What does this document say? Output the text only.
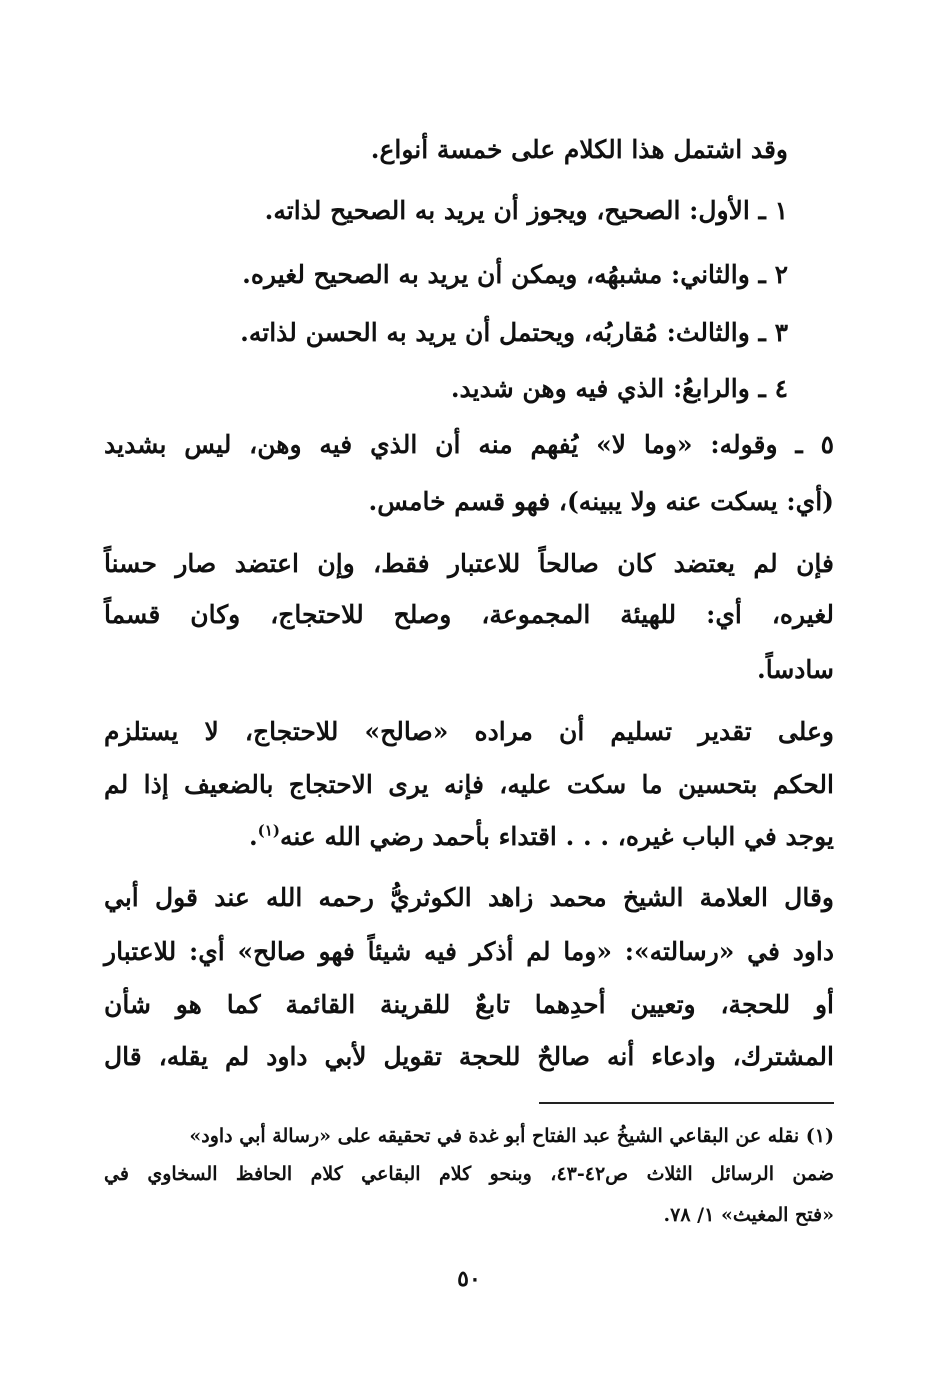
وقد اشتمل هذا الكلام على خمسة أنواع.
١ ـ الأول: الصحيح، ويجوز أن يريد به الصحيح لذاته.
٢ ـ والثاني: مشبهُه، ويمكن أن يريد به الصحيح لغيره.
٣ ـ والثالث: مُقاربُه، ويحتمل أن يريد به الحسن لذاته.
٤ ـ والرابعُ: الذي فيه وهن شديد.
٥ ـ وقوله: «وما لا» يُفهم منه أن الذي فيه وهن، ليس بشديد
(أي: يسكت عنه ولا يبينه)، فهو قسم خامس.
فإن لم يعتضد كان صالحاً للاعتبار فقط، وإن اعتضد صار حسناً
لغيره، أي: للهيئة المجموعة، وصلح للاحتجاج، وكان قسماً
سادساً.
وعلى تقدير تسليم أن مراده «صالح» للاحتجاج، لا يستلزم
الحكم بتحسين ما سكت عليه، فإنه يرى الاحتجاج بالضعيف إذا لم
يوجد في الباب غيره، . . . اقتداء بأحمد رضي الله عنه$^{(١)}$.
وقال العلامة الشيخ محمد زاهد الكوثريُّ رحمه الله عند قول أبي
داود في «رسالته»: «وما لم أذكر فيه شيئاً فهو صالح» أي: للاعتبار
أو للحجة، وتعيين أحدِهما تابعٌ للقرينة القائمة كما هو شأن
المشترك، وادعاء أنه صالحٌ للحجة تقويل لأبي داود لم يقله، قال
(١) نقله عن البقاعي الشيخُ عبد الفتاح أبو غدة في تحقيقه على «رسالة أبي داود»
ضمن الرسائل الثلاث ص٤٢-٤٣، وبنحو كلام البقاعي كلام الحافظ السخاوي في
«فتح المغيث» ١/ ٧٨.
٥٠
